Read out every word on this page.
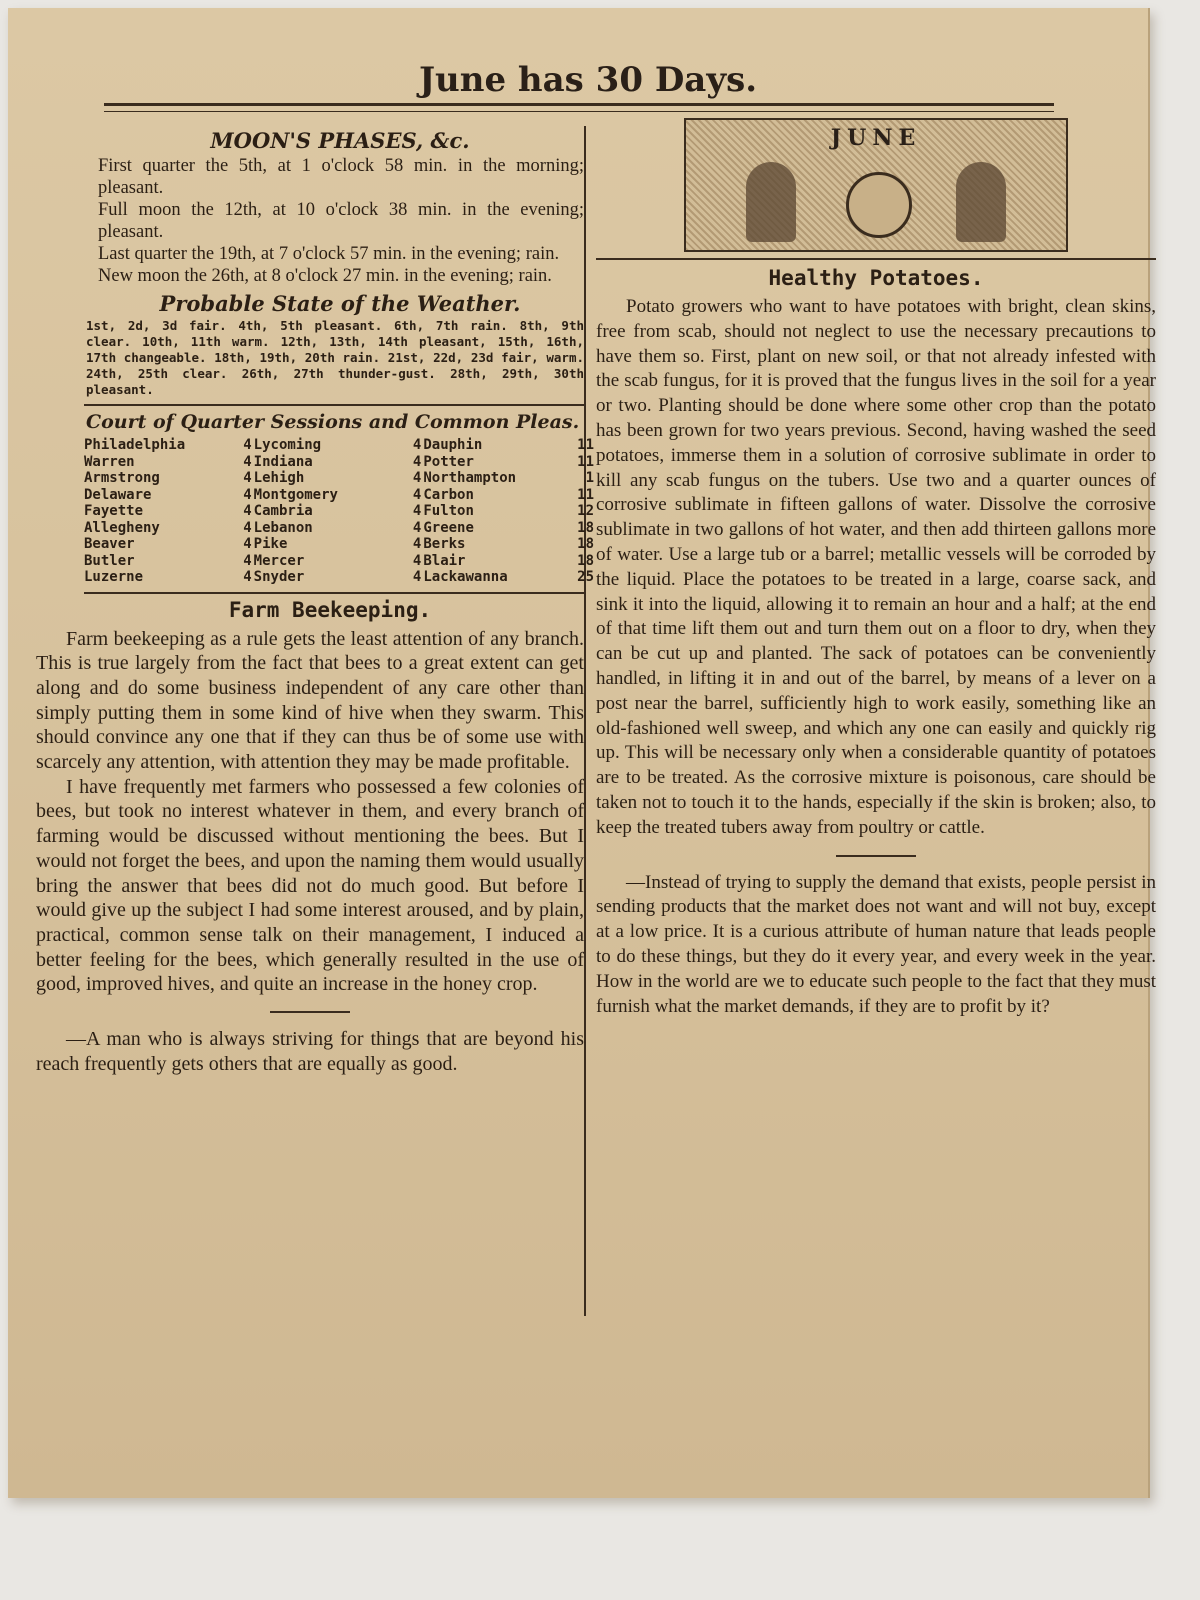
June has 30 Days.
MOON'S PHASES, &c.

First quarter the 5th, at 1 o'clock 58 min. in the morning; pleasant.

Full moon the 12th, at 10 o'clock 38 min. in the evening; pleasant.

Last quarter the 19th, at 7 o'clock 57 min. in the evening; rain.

New moon the 26th, at 8 o'clock 27 min. in the evening; rain.

Probable State of the Weather.
1st, 2d, 3d fair. 4th, 5th pleasant. 6th, 7th rain. 8th, 9th clear. 10th, 11th warm. 12th, 13th, 14th pleasant, 15th, 16th, 17th changeable. 18th, 19th, 20th rain. 21st, 22d, 23d fair, warm. 24th, 25th clear. 26th, 27th thunder-gust. 28th, 29th, 30th pleasant.
Court of Quarter Sessions and Common Pleas.
Philadelphia	4	Lycoming	4	Dauphin	11
Warren	4	Indiana	4	Potter	11
Armstrong	4	Lehigh	4	Northampton	1
Delaware	4	Montgomery	4	Carbon	11
Fayette	4	Cambria	4	Fulton	12
Allegheny	4	Lebanon	4	Greene	18
Beaver	4	Pike	4	Berks	18
Butler	4	Mercer	4	Blair	18
Luzerne	4	Snyder	4	Lackawanna	25
Farm Beekeeping.

Farm beekeeping as a rule gets the least attention of any branch. This is true largely from the fact that bees to a great extent can get along and do some business independent of any care other than simply putting them in some kind of hive when they swarm. This should convince any one that if they can thus be of some use with scarcely any attention, with attention they may be made profitable.

I have frequently met farmers who possessed a few colonies of bees, but took no interest whatever in them, and every branch of farming would be discussed without mentioning the bees. But I would not forget the bees, and upon the naming them would usually bring the answer that bees did not do much good. But before I would give up the subject I had some interest aroused, and by plain, practical, common sense talk on their management, I induced a better feeling for the bees, which generally resulted in the use of good, improved hives, and quite an increase in the honey crop.

—A man who is always striving for things that are beyond his reach frequently gets others that are equally as good.

JUNE
Healthy Potatoes.

Potato growers who want to have potatoes with bright, clean skins, free from scab, should not neglect to use the necessary precautions to have them so. First, plant on new soil, or that not already infested with the scab fungus, for it is proved that the fungus lives in the soil for a year or two. Planting should be done where some other crop than the potato has been grown for two years previous. Second, having washed the seed potatoes, immerse them in a solution of corrosive sublimate in order to kill any scab fungus on the tubers. Use two and a quarter ounces of corrosive sublimate in fifteen gallons of water. Dissolve the corrosive sublimate in two gallons of hot water, and then add thirteen gallons more of water. Use a large tub or a barrel; metallic vessels will be corroded by the liquid. Place the potatoes to be treated in a large, coarse sack, and sink it into the liquid, allowing it to remain an hour and a half; at the end of that time lift them out and turn them out on a floor to dry, when they can be cut up and planted. The sack of potatoes can be conveniently handled, in lifting it in and out of the barrel, by means of a lever on a post near the barrel, sufficiently high to work easily, something like an old-fashioned well sweep, and which any one can easily and quickly rig up. This will be necessary only when a considerable quantity of potatoes are to be treated. As the corrosive mixture is poisonous, care should be taken not to touch it to the hands, especially if the skin is broken; also, to keep the treated tubers away from poultry or cattle.

—Instead of trying to supply the demand that exists, people persist in sending products that the market does not want and will not buy, except at a low price. It is a curious attribute of human nature that leads people to do these things, but they do it every year, and every week in the year. How in the world are we to educate such people to the fact that they must furnish what the market demands, if they are to profit by it?
